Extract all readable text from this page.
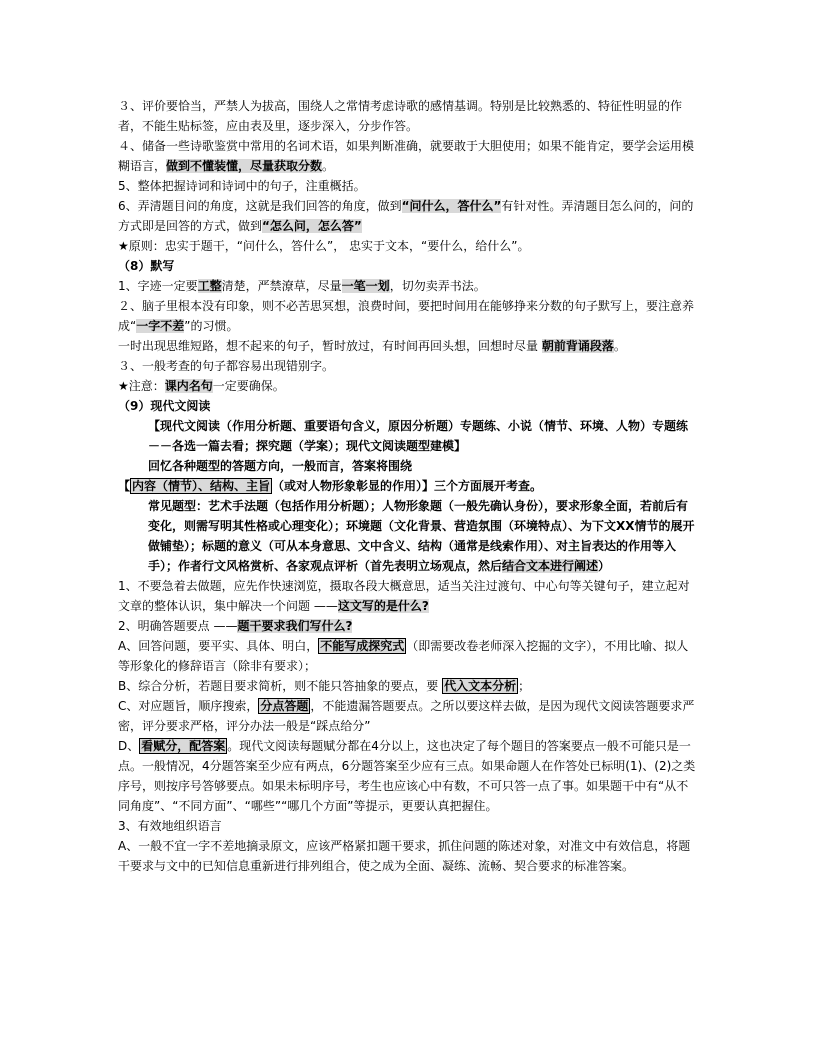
３、评价要恰当，严禁人为拔高，围绕人之常情考虑诗歌的感情基调。特别是比较熟悉的、特征性明显的作者，不能生贴标签，应由表及里，逐步深入，分步作答。

４、储备一些诗歌鉴赏中常用的名词术语，如果判断准确，就要敢于大胆使用；如果不能肯定，要学会运用模糊语言，做到不懂装懂，尽量获取分数。

5、整体把握诗词和诗词中的句子，注重概括。

6、弄清题目问的角度，这就是我们回答的角度，做到“问什么，答什么”有针对性。弄清题目怎么问的，问的方式即是回答的方式，做到“怎么问，怎么答”

★原则：忠实于题干，“问什么，答什么”， 忠实于文本，“要什么，给什么”。

（8）默写

1、字迹一定要工整清楚，严禁潦草，尽量一笔一划，切勿卖弄书法。

２、脑子里根本没有印象，则不必苦思冥想，浪费时间，要把时间用在能够挣来分数的句子默写上，要注意养成“一字不差”的习惯。

一时出现思维短路，想不起来的句子，暂时放过，有时间再回头想，回想时尽量 朝前背诵段落。

３、一般考查的句子都容易出现错别字。

★注意：课内名句一定要确保。

（9）现代文阅读

【现代文阅读（作用分析题、重要语句含义，原因分析题）专题练、小说（情节、环境、人物）专题练－－各选一篇去看；探究题（学案）；现代文阅读题型建模】

回忆各种题型的答题方向，一般而言，答案将围绕

【 内容（情节）、结构、主旨 （或对人物形象彰显的作用）】三个方面展开考查。

常见题型：艺术手法题（包括作用分析题）；人物形象题（一般先确认身份），要求形象全面，若前后有变化，则需写明其性格或心理变化）；环境题（文化背景、营造氛围（环境特点）、为下文XX情节的展开做铺垫）；标题的意义（可从本身意思、文中含义、结构（通常是线索作用）、对主旨表达的作用等入手）；作者行文风格赏析、各家观点评析（首先表明立场观点，然后结合文本进行阐述）

1、不要急着去做题，应先作快速浏览，摄取各段大概意思，适当关注过渡句、中心句等关键句子，建立起对文章的整体认识，集中解决一个问题 ——这文写的是什么?

2、明确答题要点 ——题干要求我们写什么?

A、回答问题，要平实、具体、明白， 不能写成探究式 （即需要改卷老师深入挖掘的文字），不用比喻、拟人等形象化的修辞语言（除非有要求）；

B、综合分析，若题目要求简析，则不能只答抽象的要点，要 代入文本分析 ；

C、对应题旨，顺序搜索， 分点答题 ，不能遗漏答题要点。之所以要这样去做，是因为现代文阅读答题要求严密，评分要求严格，评分办法一般是“踩点给分”

D、 看赋分，配答案 。现代文阅读每题赋分都在4分以上，这也决定了每个题目的答案要点一般不可能只是一点。一般情况，4分题答案至少应有两点，6分题答案至少应有三点。如果命题人在作答处已标明(1)、(2)之类序号，则按序号答够要点。如果未标明序号，考生也应该心中有数，不可只答一点了事。如果题干中有“从不同角度”、“不同方面”、“哪些”“哪几个方面”等提示，更要认真把握住。

3、有效地组织语言

A、一般不宜一字不差地摘录原文，应该严格紧扣题干要求，抓住问题的陈述对象，对准文中有效信息，将题干要求与文中的已知信息重新进行排列组合，使之成为全面、凝练、流畅、契合要求的标准答案。
